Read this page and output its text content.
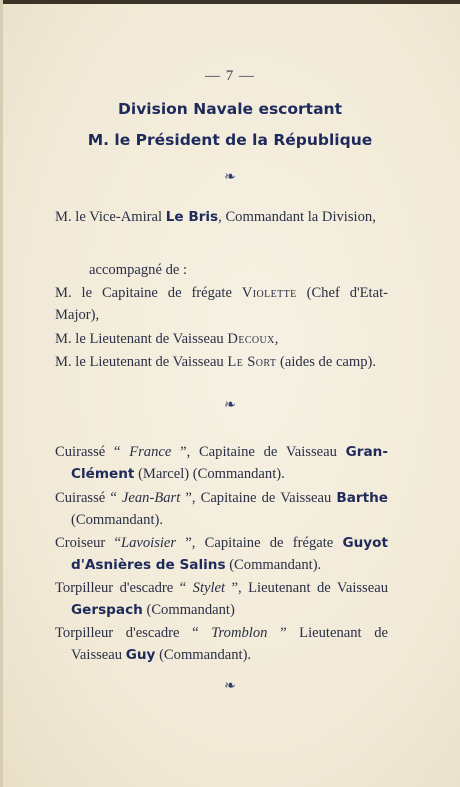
— 7 —
Division Navale escortant
M. le Président de la République
❧
M. le Vice-Amiral Le Bris, Commandant la Division,
accompagné de :
M. le Capitaine de frégate Violette (Chef d'Etat-Major),
M. le Lieutenant de Vaisseau Decoux,
M. le Lieutenant de Vaisseau Le Sort (aides de camp).
❧
Cuirassé “ France ”, Capitaine de Vaisseau Gran-Clément (Marcel) (Commandant).
Cuirassé “ Jean-Bart ”, Capitaine de Vaisseau Barthe (Commandant).
Croiseur “Lavoisier ”, Capitaine de frégate Guyot d'Asnières de Salins (Commandant).
Torpilleur d'escadre “ Stylet ”, Lieutenant de Vaisseau Gerspach (Commandant)
Torpilleur d'escadre “ Tromblon ” Lieutenant de Vaisseau Guy (Commandant).
❧
